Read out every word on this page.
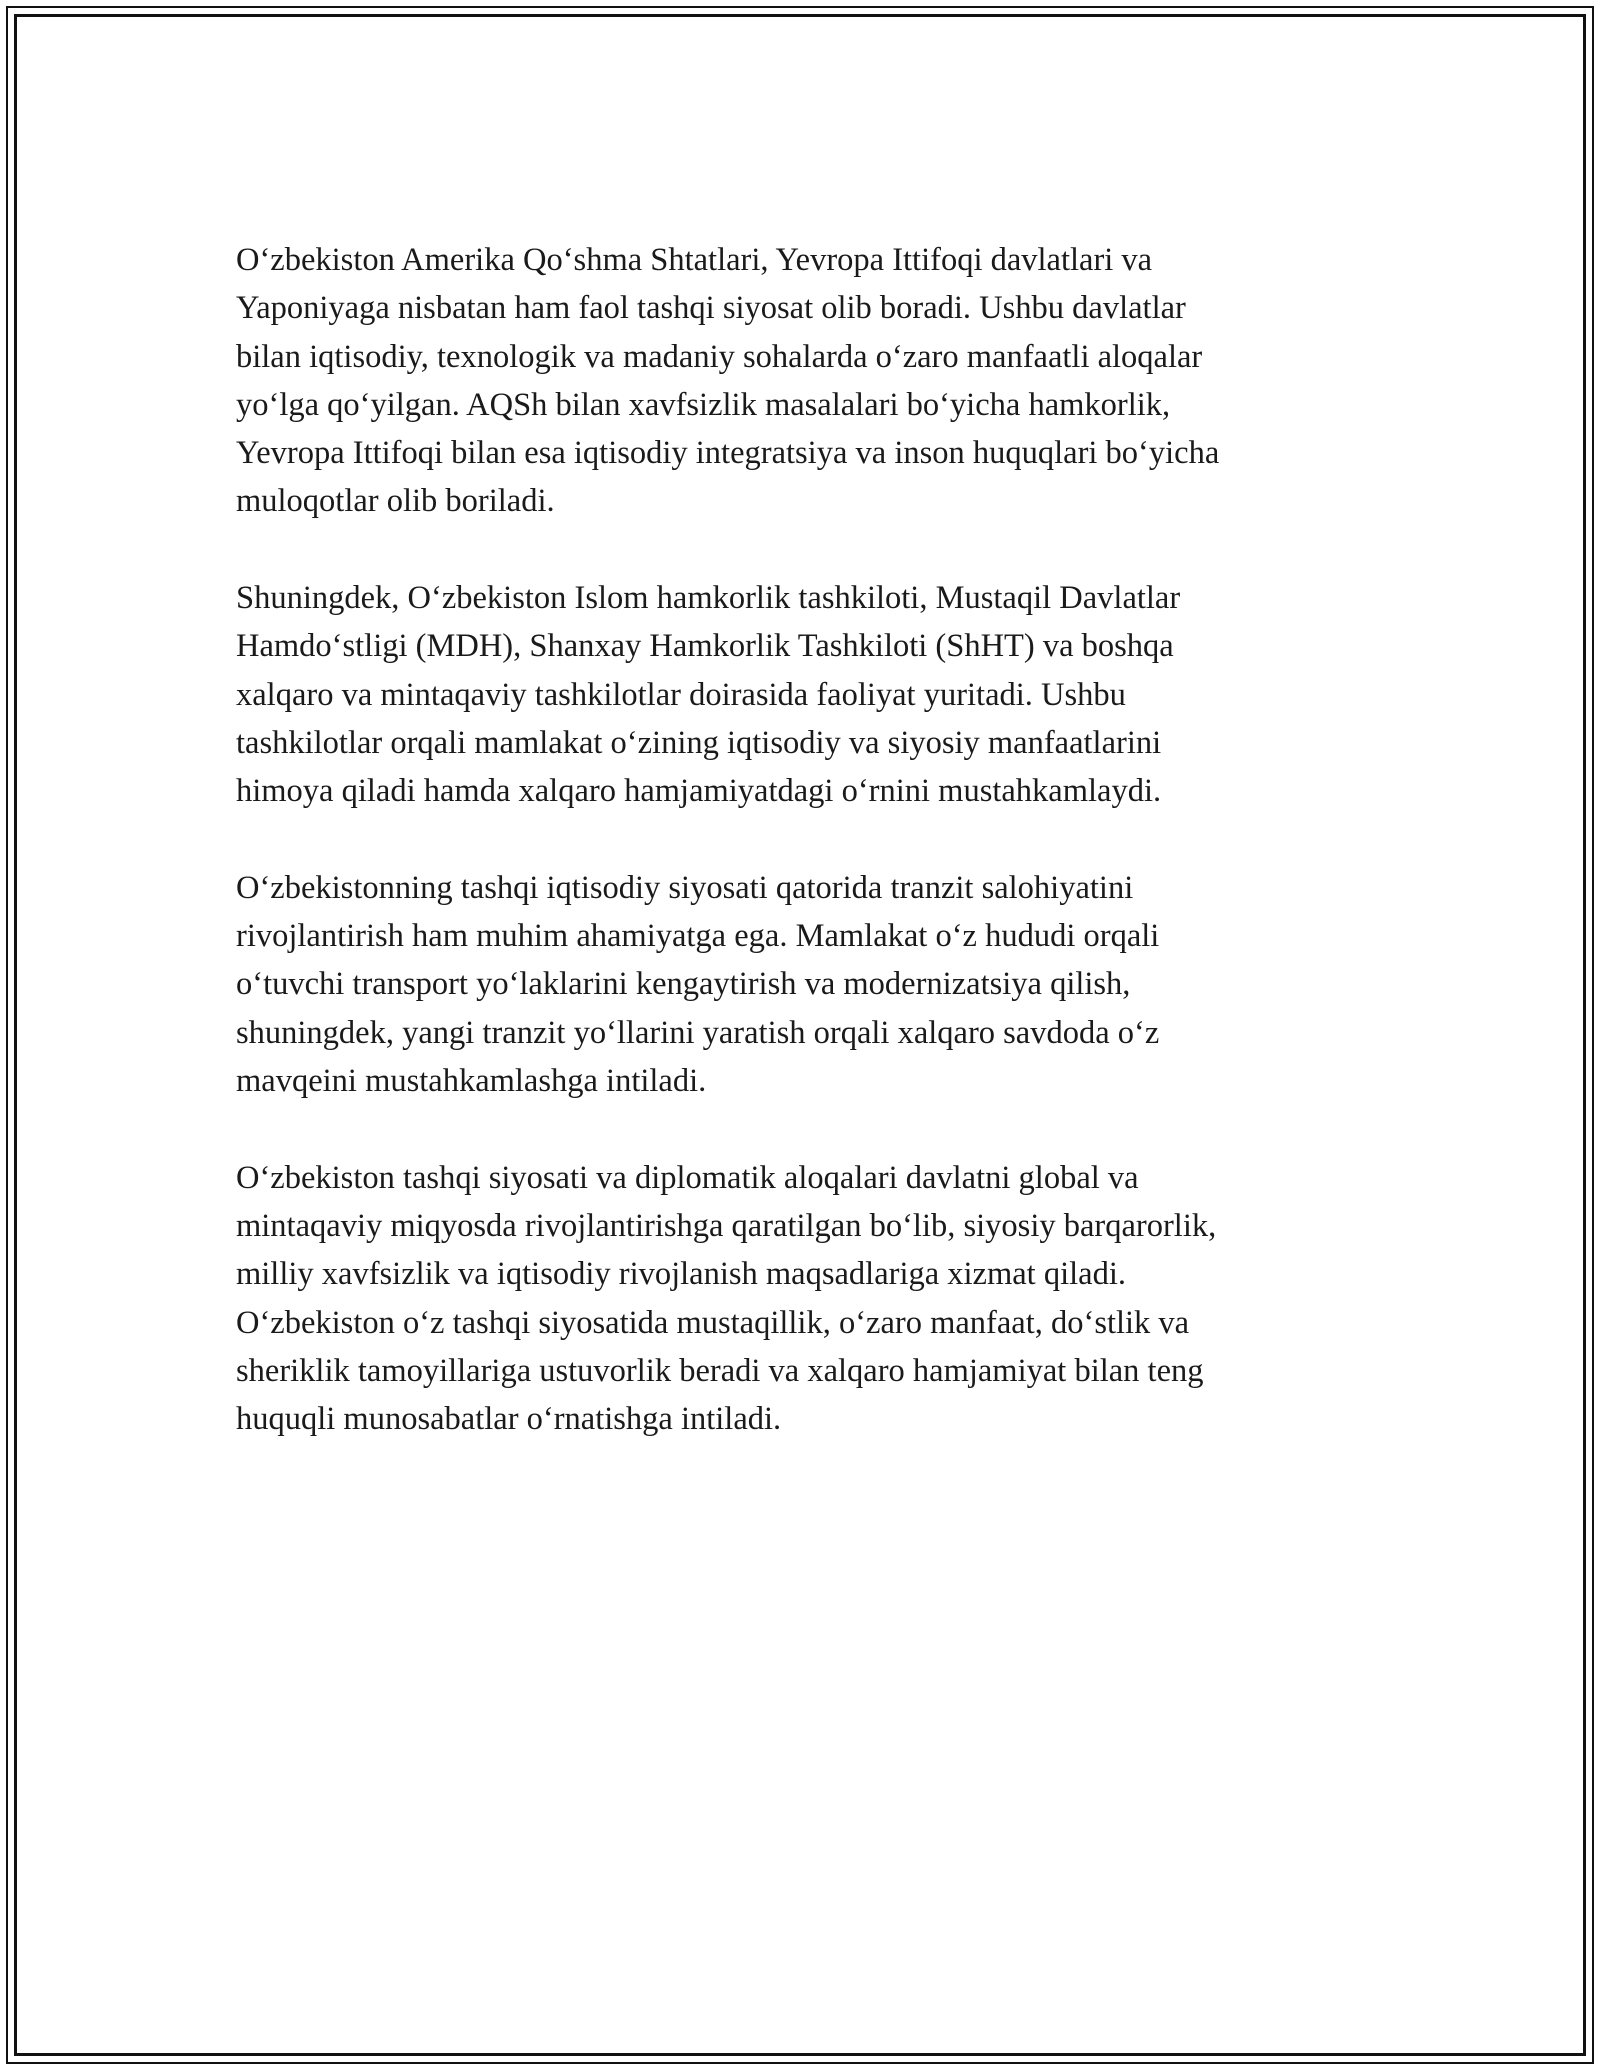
O‘zbekiston Amerika Qo‘shma Shtatlari, Yevropa Ittifoqi davlatlari va
Yaponiyaga nisbatan ham faol tashqi siyosat olib boradi. Ushbu davlatlar
bilan iqtisodiy, texnologik va madaniy sohalarda o‘zaro manfaatli aloqalar
yo‘lga qo‘yilgan. AQSh bilan xavfsizlik masalalari bo‘yicha hamkorlik,
Yevropa Ittifoqi bilan esa iqtisodiy integratsiya va inson huquqlari bo‘yicha
muloqotlar olib boriladi.

Shuningdek, O‘zbekiston Islom hamkorlik tashkiloti, Mustaqil Davlatlar
Hamdo‘stligi (MDH), Shanxay Hamkorlik Tashkiloti (ShHT) va boshqa
xalqaro va mintaqaviy tashkilotlar doirasida faoliyat yuritadi. Ushbu
tashkilotlar orqali mamlakat o‘zining iqtisodiy va siyosiy manfaatlarini
himoya qiladi hamda xalqaro hamjamiyatdagi o‘rnini mustahkamlaydi.

O‘zbekistonning tashqi iqtisodiy siyosati qatorida tranzit salohiyatini
rivojlantirish ham muhim ahamiyatga ega. Mamlakat o‘z hududi orqali
o‘tuvchi transport yo‘laklarini kengaytirish va modernizatsiya qilish,
shuningdek, yangi tranzit yo‘llarini yaratish orqali xalqaro savdoda o‘z
mavqeini mustahkamlashga intiladi.

O‘zbekiston tashqi siyosati va diplomatik aloqalari davlatni global va
mintaqaviy miqyosda rivojlantirishga qaratilgan bo‘lib, siyosiy barqarorlik,
milliy xavfsizlik va iqtisodiy rivojlanish maqsadlariga xizmat qiladi.
O‘zbekiston o‘z tashqi siyosatida mustaqillik, o‘zaro manfaat, do‘stlik va
sheriklik tamoyillariga ustuvorlik beradi va xalqaro hamjamiyat bilan teng
huquqli munosabatlar o‘rnatishga intiladi.
